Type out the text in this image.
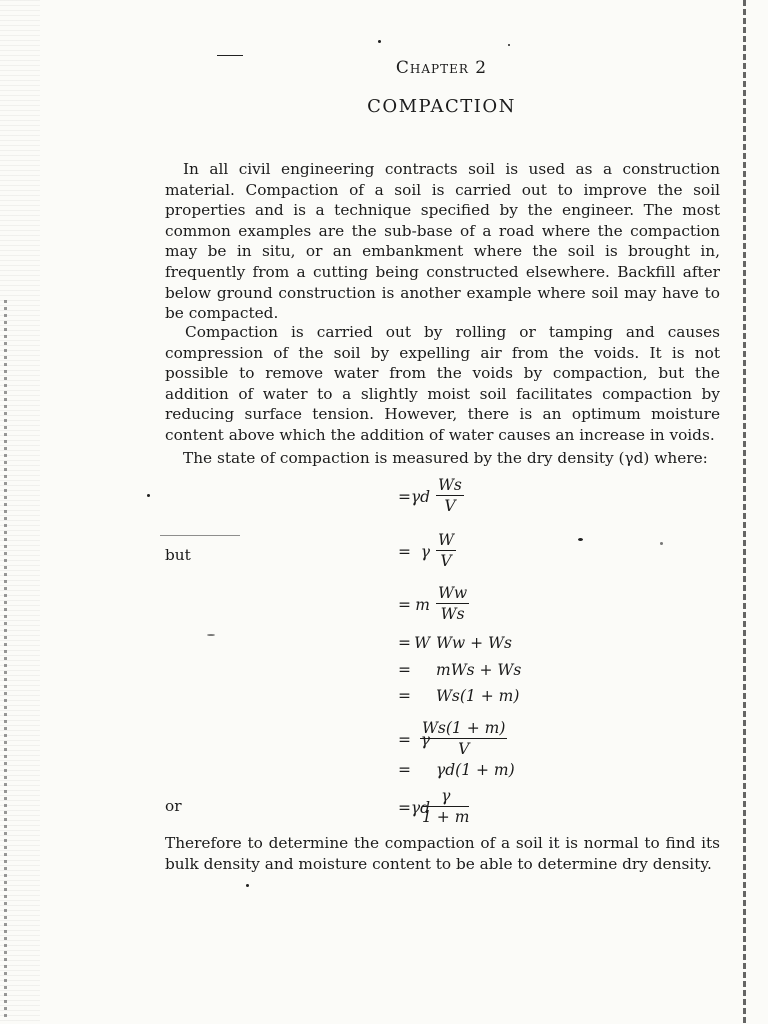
Chapter 2
COMPACTION

In all civil engineering contracts soil is used as a construction material. Compaction of a soil is carried out to improve the soil properties and is a technique specified by the engineer. The most common examples are the sub-base of a road where the compaction may be in situ, or an embankment where the soil is brought in, frequently from a cutting being constructed elsewhere. Backfill after below ground construction is another example where soil may have to be compacted.

Compaction is carried out by rolling or tamping and causes compression of the soil by expelling air from the voids. It is not possible to remove water from the voids by compaction, but the addition of water to a slightly moist soil facilitates compaction by reducing surface tension. However, there is an optimum moisture content above which the addition of water causes an increase in voids.

The state of compaction is measured by the dry density (γd) where:

γd
=
Ws
V
but	γ
=
W
V
m
=
Ww
Ws
W
= Ww + Ws
= mWs + Ws
= Ws(1 + m)
γ
=
Ws(1 + m)
V
= γd(1 + m)
or	γd
=
γ
1 + m

Therefore to determine the compaction of a soil it is normal to find its bulk density and moisture content to be able to determine dry density.
